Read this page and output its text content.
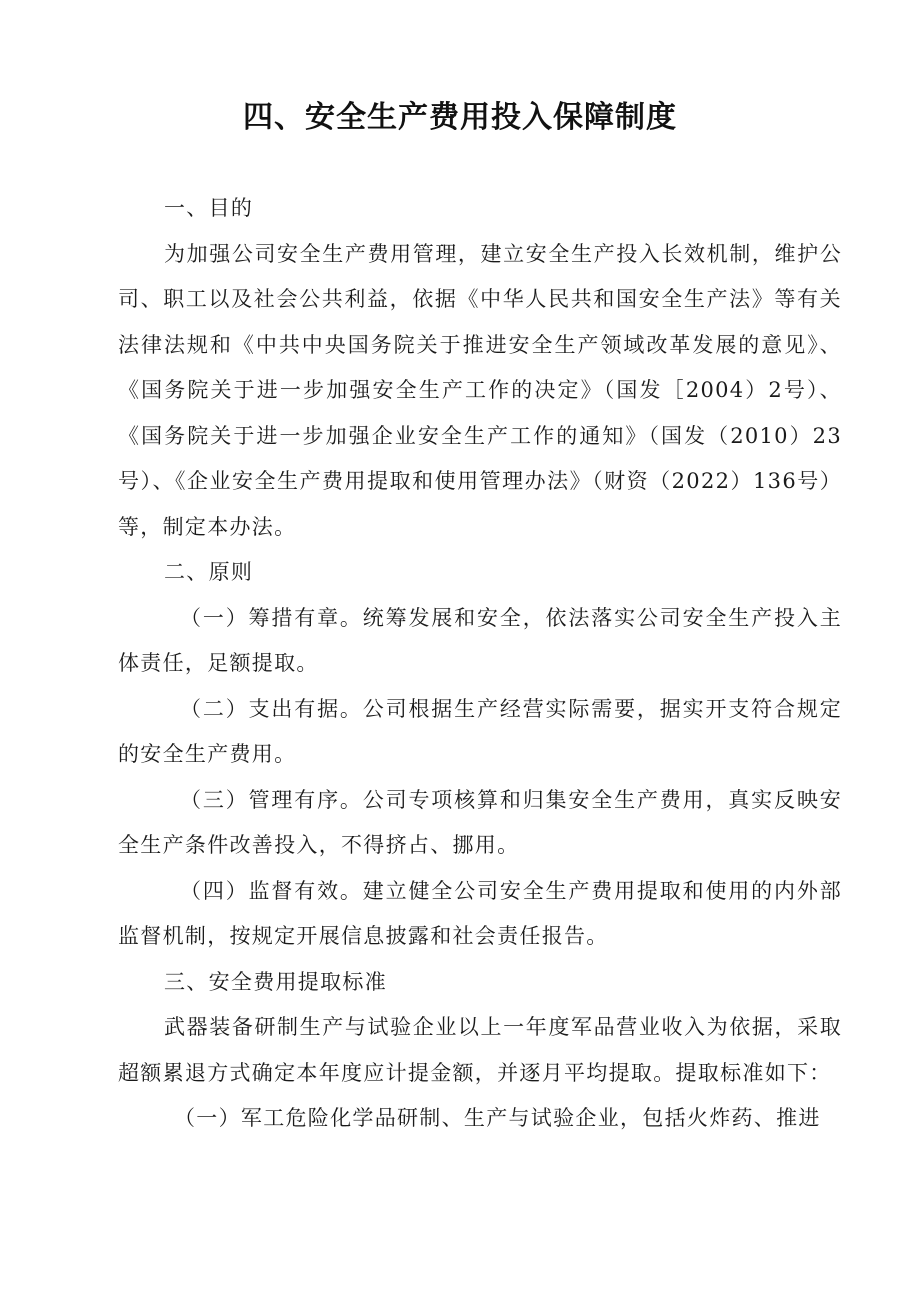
四、安全生产费用投入保障制度

一、目的

为加强公司安全生产费用管理，建立安全生产投入长效机制，维护公司、职工以及社会公共利益，依据《中华人民共和国安全生产法》等有关法律法规和《中共中央国务院关于推进安全生产领域改革发展的意见》、《国务院关于进一步加强安全生产工作的决定》（国发［2004）2号）、《国务院关于进一步加强企业安全生产工作的通知》（国发（2010）23号）、《企业安全生产费用提取和使用管理办法》（财资（2022）136号）等，制定本办法。

二、原则

（一）筹措有章。统筹发展和安全，依法落实公司安全生产投入主体责任，足额提取。

（二）支出有据。公司根据生产经营实际需要，据实开支符合规定的安全生产费用。

（三）管理有序。公司专项核算和归集安全生产费用，真实反映安全生产条件改善投入，不得挤占、挪用。

（四）监督有效。建立健全公司安全生产费用提取和使用的内外部监督机制，按规定开展信息披露和社会责任报告。

三、安全费用提取标准

武器装备研制生产与试验企业以上一年度军品营业收入为依据，采取超额累退方式确定本年度应计提金额，并逐月平均提取。提取标准如下：

（一）军工危险化学品研制、生产与试验企业，包括火炸药、推进
